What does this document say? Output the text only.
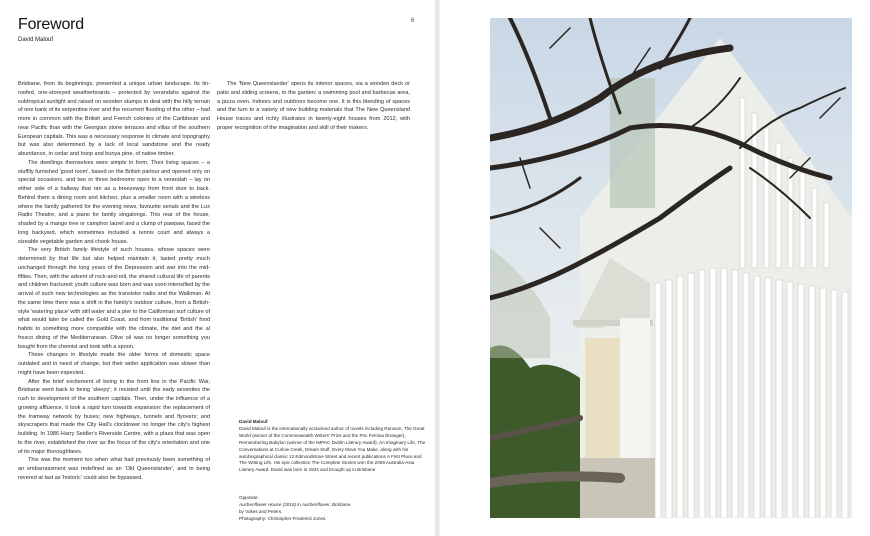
Foreword
David Malouf
6

Brisbane, from its beginnings, presented a unique urban landscape. Its tin-roofed, one-storeyed weatherboards – protected by verandahs against the subtropical sunlight and raised on wooden stumps to deal with the hilly terrain of one bank of its serpentine river and the recurrent flooding of the other – had more in common with the British and French colonies of the Caribbean and near Pacific than with the Georgian stone terraces and villas of the southern European capitals. This was a necessary response to climate and topography but was also determined by a lack of local sandstone and the ready abundance, in cedar and hoop and bunya pine, of native timber.

The dwellings themselves were simple in form. Their living spaces – a stuffily furnished 'good room', based on the British parlour and opened only on special occasions, and two or three bedrooms open to a verandah – lay on either side of a hallway that ran as a breezeway from front door to back. Behind them a dining room and kitchen, plus a smaller room with a wireless where the family gathered for the evening news, favourite serials and the Lux Radio Theatre, and a piano for family singalongs. This rear of the house, shaded by a mango tree or camphor laurel and a clump of pawpaw, faced the long backyard, which sometimes included a tennis court and always a sizeable vegetable garden and chook house.

The very British family lifestyle of such houses, whose spaces were determined by that life but also helped maintain it, lasted pretty much unchanged through the long years of the Depression and war into the mid-fifties. Then, with the advent of rock-and-roll, the shared cultural life of parents and children fractured; youth culture was born and was soon intensified by the arrival of such new technologies as the transistor radio and the Walkman. At the same time there was a shift in the family's outdoor culture, from a British-style 'watering place' with still water and a pier to the Californian surf culture of what would later be called the Gold Coast, and from traditional 'British' food habits to something more compatible with the climate, the diet and the al fresco dining of the Mediterranean. Olive oil was no longer something you bought from the chemist and took with a spoon.

These changes in lifestyle made the older forms of domestic space outdated and in need of change, but their wider application was slower than might have been expected.

After the brief excitement of being in the front line in the Pacific War, Brisbane went back to being 'sleepy'; it resisted until the early seventies the rush to development of the southern capitals. Then, under the influence of a growing affluence, it took a rapid turn towards expansion: the replacement of the tramway network by buses; new highways, tunnels and flyovers; and skyscrapers that made the City Hall's clocktower no longer the city's highest building. In 1986 Harry Seidler's Riverside Centre, with a plaza that was open to the river, established the river as the focus of the city's orientation and one of its major thoroughfares.

This was the moment too when what had previously been something of an embarrassment was redefined as an 'Old Queenslander', and in being revered at last as 'historic' could also be bypassed.

The 'New Queenslander' opens its interior spaces, via a wooden deck or patio and sliding screens, to the garden: a swimming pool and barbecue area, a pizza oven. Indoors and outdoors become one. It is this blending of spaces and the turn to a variety of new building materials that The New Queensland House traces and richly illustrates in twenty-eight houses from 2012, with proper recognition of the imagination and skill of their makers.

David Malouf
David Malouf is the internationally acclaimed author of novels including Ransom, The Great World (winner of the Commonwealth Writers' Prize and the Prix Femina Étranger), Remembering Babylon (winner of the IMPAC Dublin Literary Award), An Imaginary Life, The Conversations at Curlow Creek, Dream Stuff, Every Move You Make, along with his autobiographical classic 12 Edmondstone Street and recent publications A First Place and The Writing Life. His epic collection The Complete Stories won the 2008 Australia-Asia Literary Award. David was born in 1934 and brought up in Brisbane.
Opposite:
Auchenflower House (2016) in Auchenflower, Brisbane,
by Vokes and Peters.
Photography: Christopher Frederick Jones.
